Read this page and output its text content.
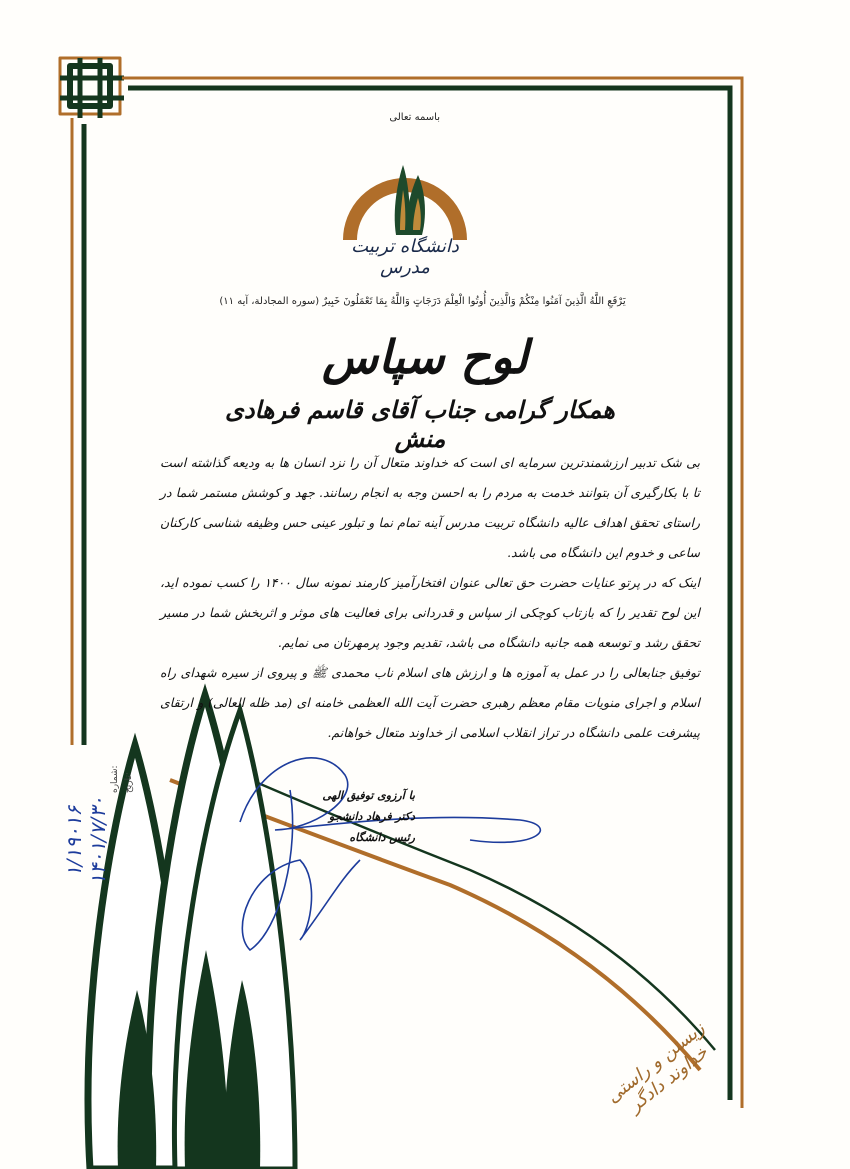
باسمه تعالی
دانشگاه تربیت مدرس
يَرْفَعِ اللَّهُ الَّذِينَ آمَنُوا مِنْكُمْ وَالَّذِينَ أُوتُوا الْعِلْمَ دَرَجَاتٍ وَاللَّهُ بِمَا تَعْمَلُونَ خَبِيرٌ (سوره المجادلة، آیه ۱۱)
لوح سپاس
همکار گرامی جناب آقای قاسم فرهادی منش

بی شک تدبیر ارزشمندترین سرمایه ای است که خداوند متعال آن را نزد انسان ها به ودیعه گذاشته است تا با بکارگیری آن بتوانند خدمت به مردم را به احسن وجه به انجام رسانند. جهد و کوشش مستمر شما در راستای تحقق اهداف عالیه دانشگاه تربیت مدرس آینه تمام نما و تبلور عینی حس وظیفه شناسی کارکنان ساعی و خدوم این دانشگاه می باشد.

اینک که در پرتو عنایات حضرت حق تعالی عنوان افتخارآمیز کارمند نمونه سال ۱۴۰۰ را کسب نموده اید، این لوح تقدیر را که بازتاب کوچکی از سپاس و قدردانی برای فعالیت های موثر و اثربخش شما در مسیر تحقق رشد و توسعه همه جانبه دانشگاه می باشد، تقدیم وجود پرمهرتان می نمایم.

توفیق جنابعالی را در عمل به آموزه ها و ارزش های اسلام ناب محمدی ﷺ و پیروی از سیره شهدای راه اسلام و اجرای منویات مقام معظم رهبری حضرت آیت الله العظمی خامنه ای (مد ظله العالی) و ارتقای پیشرفت علمی دانشگاه در تراز انقلاب اسلامی از خداوند متعال خواهانم.

با آرزوی توفیق الهی
دکتر فرهاد دانشجو
رئیس دانشگاه
شماره:
تاریخ:
۱/۱۹۰۱۶ ۱۴۰۱/۷/۳۰
زیستن و راستی خداوند دادگر
